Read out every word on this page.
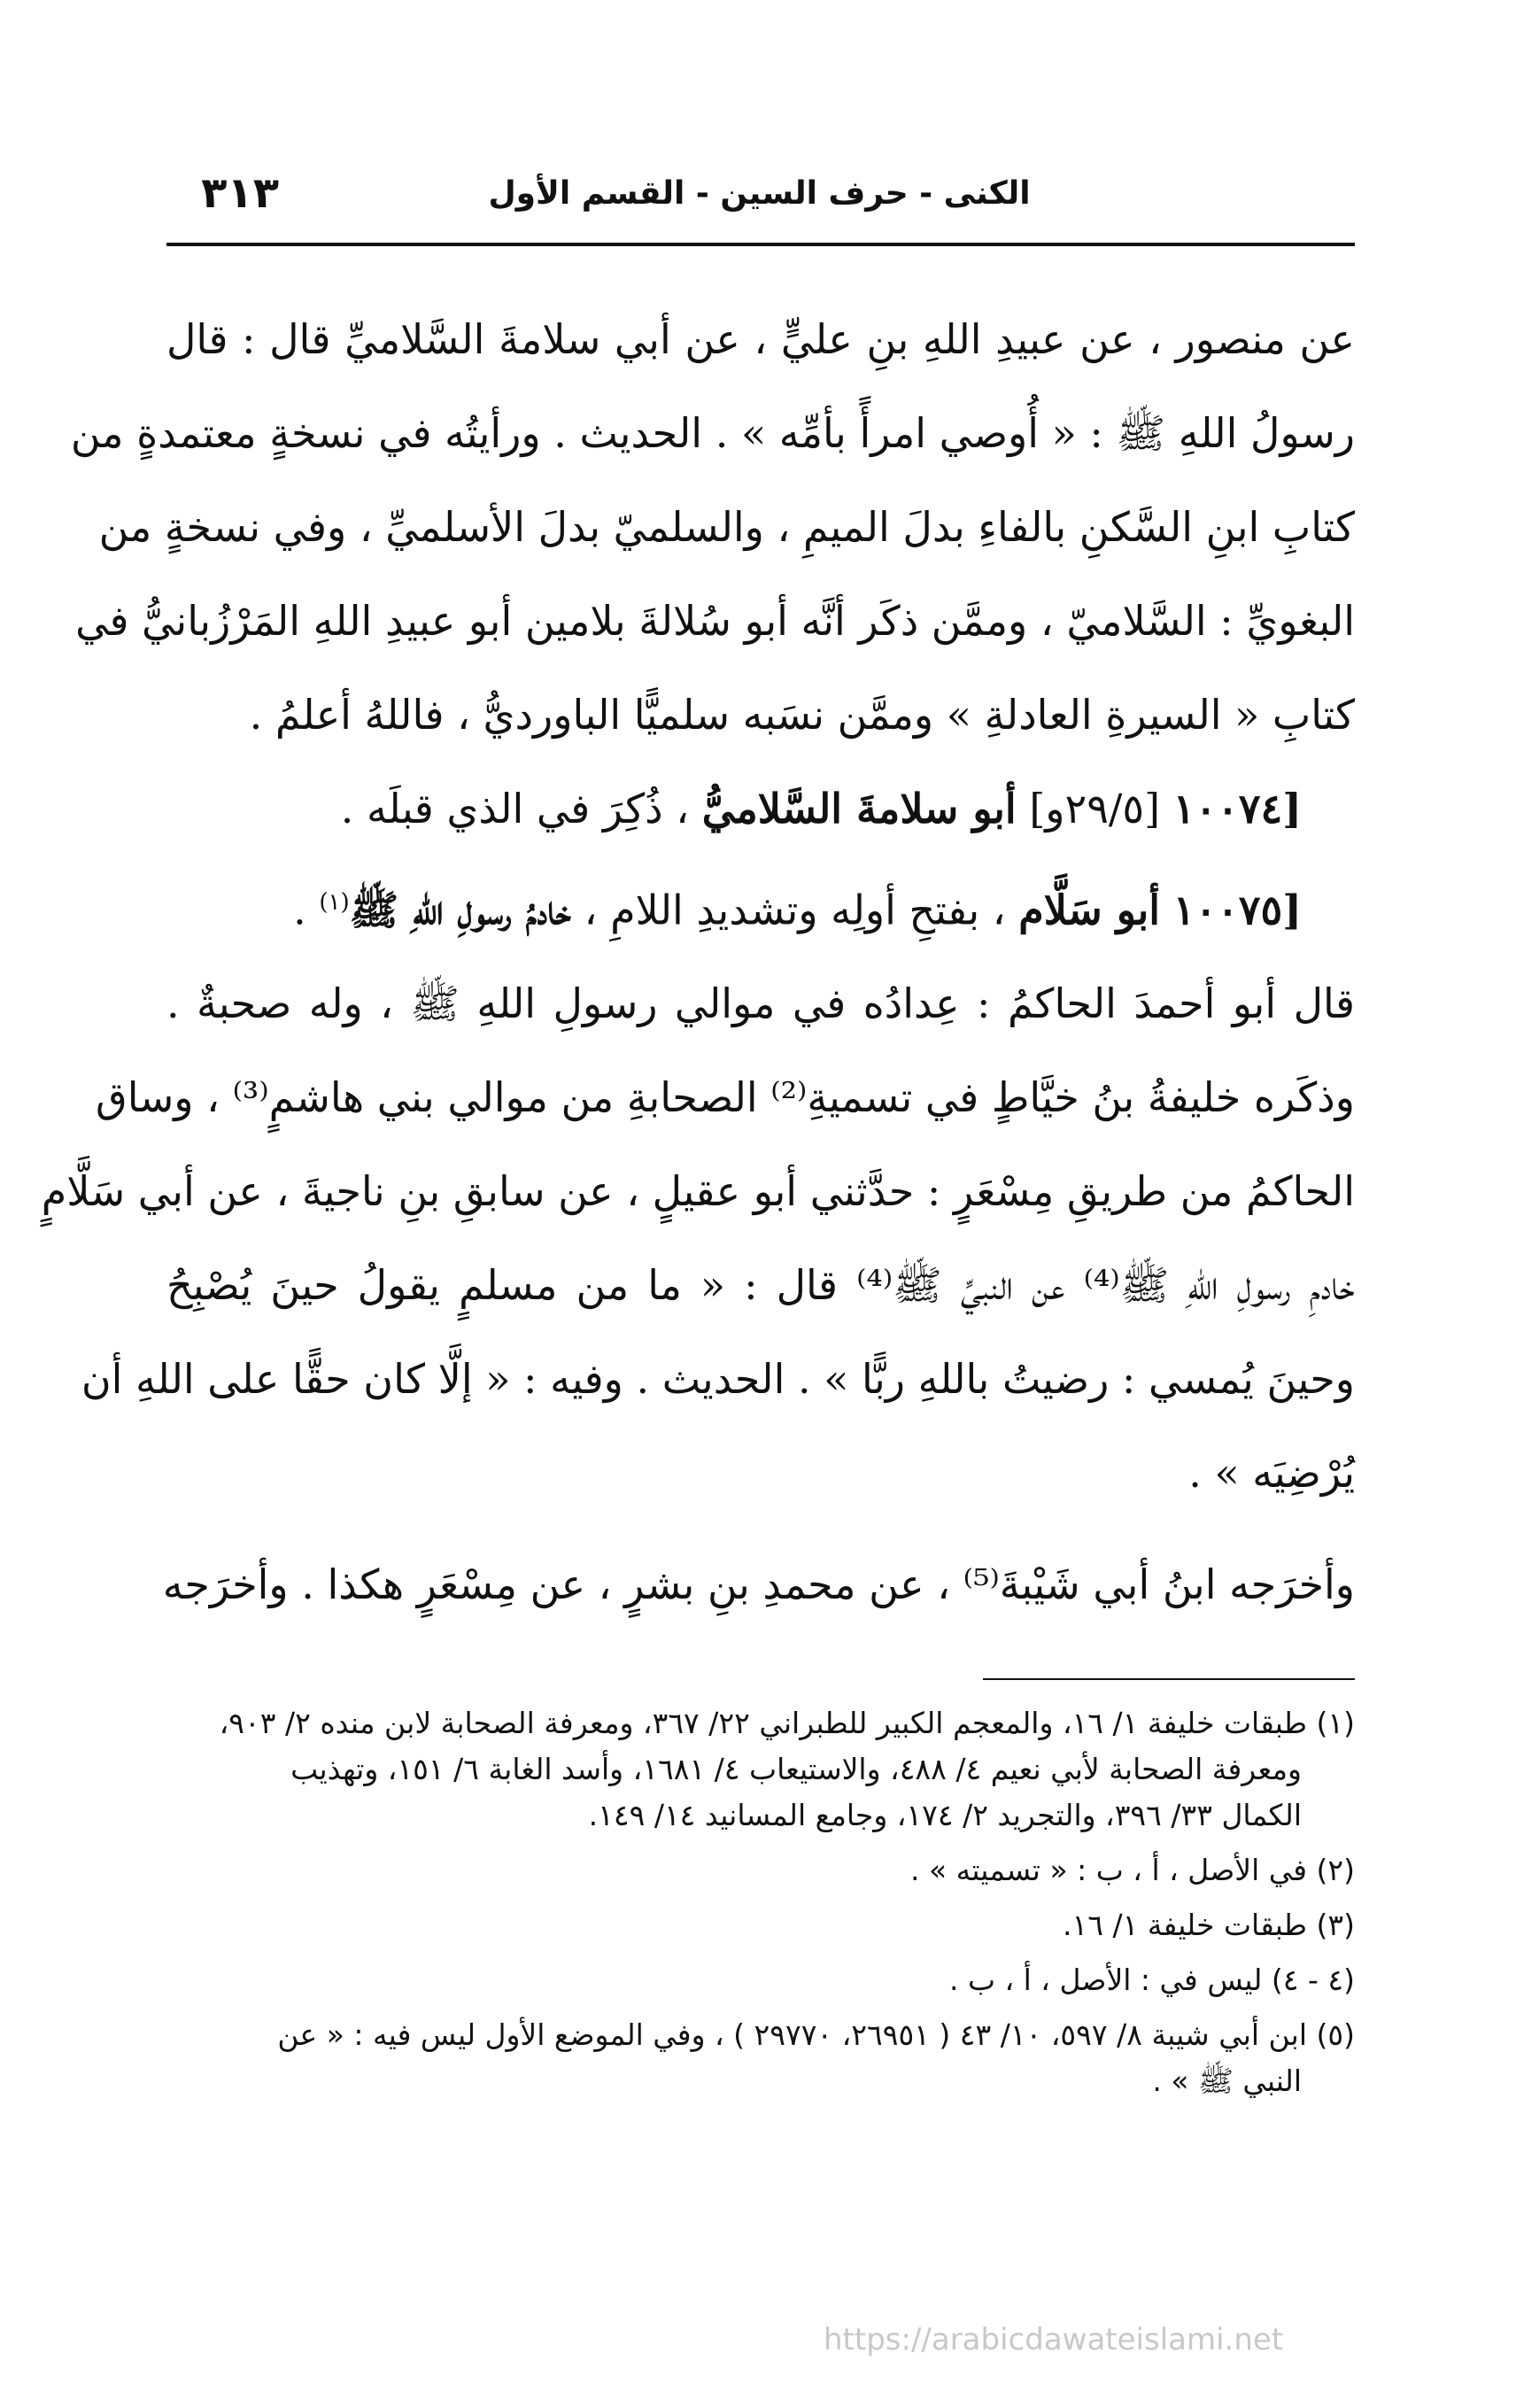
الكنى - حرف السين - القسم الأول
٣١٣
عن منصور ، عن عبيدِ اللهِ بنِ عليٍّ ، عن أبي سلامةَ السَّلاميِّ قال : قال
رسولُ اللهِ ﷺ : « أُوصي امرأً بأمِّه » . الحديث . ورأيتُه في نسخةٍ معتمدةٍ من
كتابِ ابنِ السَّكنِ بالفاءِ بدلَ الميمِ ، والسلميّ بدلَ الأسلميِّ ، وفي نسخةٍ من
البغويِّ : السَّلاميّ ، وممَّن ذكَر أنَّه أبو سُلالةَ بلامين أبو عبيدِ اللهِ المَرْزُبانيُّ في
كتابِ « السيرةِ العادلةِ » وممَّن نسَبه سلميًّا الباورديُّ ، فاللهُ أعلمُ .
[١٠٠٧٤ [٢٩/٥و] أبو سلامةَ السَّلاميُّ ، ذُكِرَ في الذي قبلَه .
[١٠٠٧٥ أبو سَلَّام ، بفتحِ أولِه وتشديدِ اللامِ ، خادمُ رسولِ اللهِ ﷺ$^{(١)}$ .
قال أبو أحمدَ الحاكمُ : عِدادُه في موالي رسولِ اللهِ ﷺ ، وله صحبةٌ .
وذكَره خليفةُ بنُ خيَّاطٍ في تسميةِ⁽²⁾ الصحابةِ من موالي بني هاشمٍ⁽³⁾ ، وساق
الحاكمُ من طريقِ مِسْعَرٍ : حدَّثني أبو عقيلٍ ، عن سابقِ بنِ ناجيةَ ، عن أبي سَلَّامٍ
خادمِ رسولِ اللهِ ﷺ⁽⁴⁾ عن النبيِّ ﷺ⁽⁴⁾ قال : « ما من مسلمٍ يقولُ حينَ يُصْبِحُ
وحينَ يُمسي : رضيتُ باللهِ ربًّا » . الحديث . وفيه : « إلَّا كان حقًّا على اللهِ أن
يُرْضِيَه » .
وأخرَجه ابنُ أبي شَيْبةَ⁽⁵⁾ ، عن محمدِ بنِ بشرٍ ، عن مِسْعَرٍ هكذا . وأخرَجه
(١) طبقات خليفة ١/ ١٦، والمعجم الكبير للطبراني ٢٢/ ٣٦٧، ومعرفة الصحابة لابن منده ٢/ ٩٠٣،
ومعرفة الصحابة لأبي نعيم ٤/ ٤٨٨، والاستيعاب ٤/ ١٦٨١، وأسد الغابة ٦/ ١٥١، وتهذيب
الكمال ٣٣/ ٣٩٦، والتجريد ٢/ ١٧٤، وجامع المسانيد ١٤/ ١٤٩.
(٢) في الأصل ، أ ، ب : « تسميته » .
(٣) طبقات خليفة ١/ ١٦.
(٤ - ٤) ليس في : الأصل ، أ ، ب .
(٥) ابن أبي شيبة ٨/ ٥٩٧، ١٠/ ٤٣ ( ٢٦٩٥١، ٢٩٧٧٠ ) ، وفي الموضع الأول ليس فيه : « عن
النبي ﷺ » .
https://arabicdawateislami.net
